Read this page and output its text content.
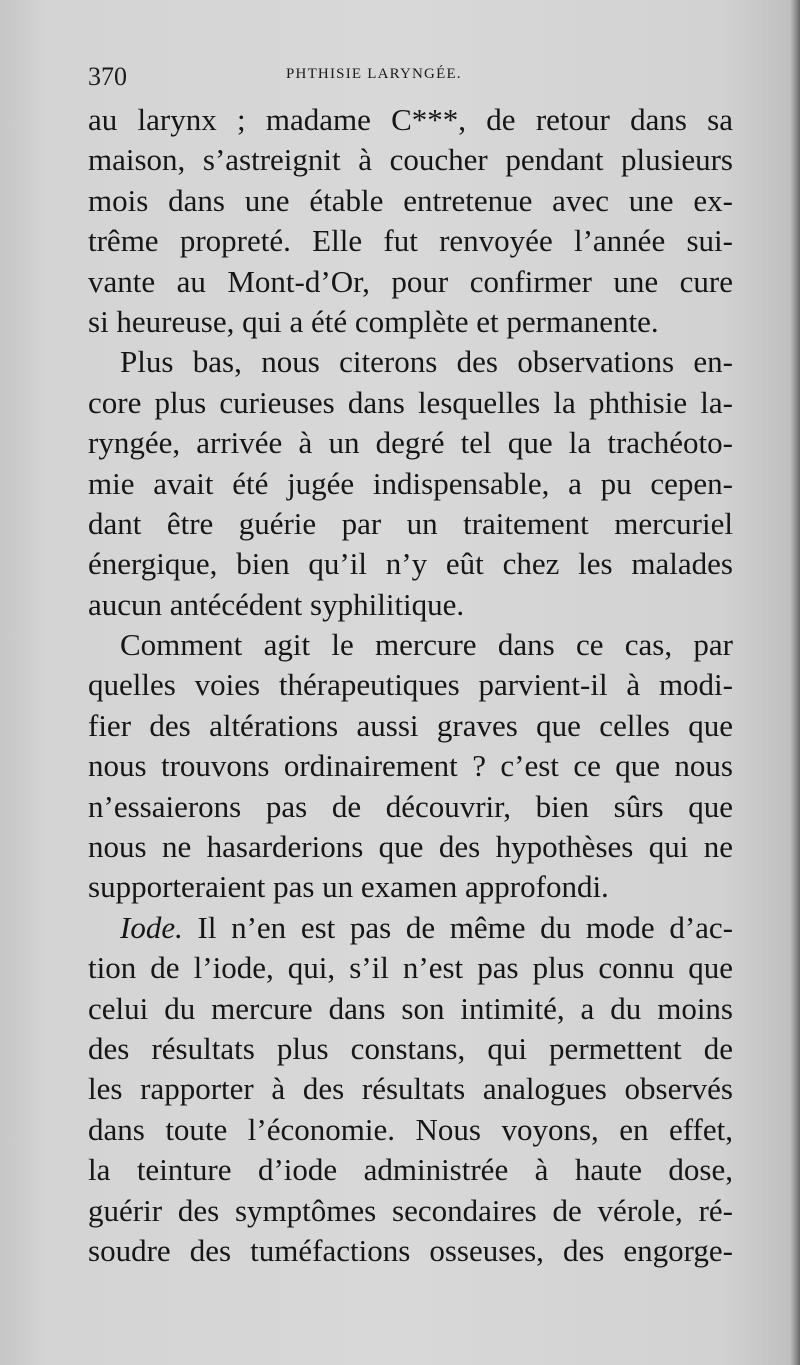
370	PHTHISIE LARYNGÉE.
au larynx ; madame C***, de retour dans sa
maison, s’astreignit à coucher pendant plusieurs
mois dans une étable entretenue avec une ex-
trême propreté. Elle fut renvoyée l’année sui-
vante au Mont-d’Or, pour confirmer une cure
si heureuse, qui a été complète et permanente.
Plus bas, nous citerons des observations en-
core plus curieuses dans lesquelles la phthisie la-
ryngée, arrivée à un degré tel que la trachéoto-
mie avait été jugée indispensable, a pu cepen-
dant être guérie par un traitement mercuriel
énergique, bien qu’il n’y eût chez les malades
aucun antécédent syphilitique.
Comment agit le mercure dans ce cas, par
quelles voies thérapeutiques parvient-il à modi-
fier des altérations aussi graves que celles que
nous trouvons ordinairement ? c’est ce que nous
n’essaierons pas de découvrir, bien sûrs que
nous ne hasarderions que des hypothèses qui ne
supporteraient pas un examen approfondi.
Iode. Il n’en est pas de même du mode d’ac-
tion de l’iode, qui, s’il n’est pas plus connu que
celui du mercure dans son intimité, a du moins
des résultats plus constans, qui permettent de
les rapporter à des résultats analogues observés
dans toute l’économie. Nous voyons, en effet,
la teinture d’iode administrée à haute dose,
guérir des symptômes secondaires de vérole, ré-
soudre des tuméfactions osseuses, des engorge-
